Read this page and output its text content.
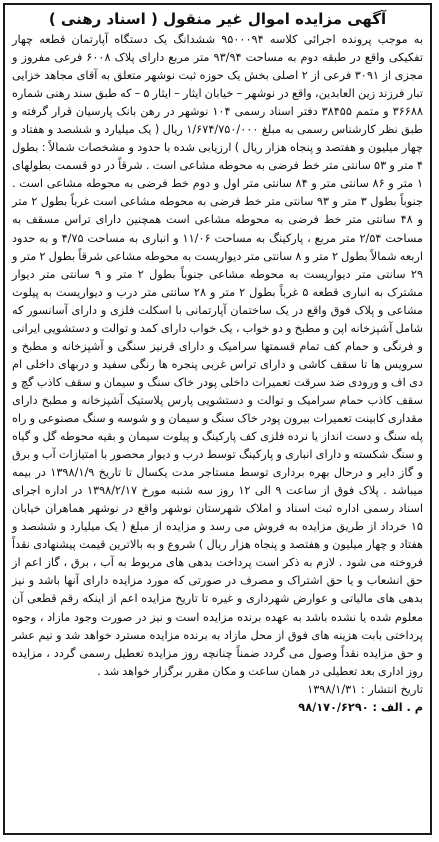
آگهی مزایده اموال غیر منقول ( اسناد رهنی )
به موجب پرونده اجرائی کلاسه ۹۵۰۰۰۹۴ ششدانگ یک دستگاه آپارتمان قطعه چهار تفکیکی واقع در طبقه دوم به مساحت ۹۳/۹۴ متر مربع دارای پلاک ۶۰۰۸ فرعی مفروز و مجزی از ۳۰۹۱ فرعی از ۲ اصلی بخش یک حوزه ثبت نوشهر متعلق به آقای مجاهد خزایی تبار فرزند زین العابدین، واقع در نوشهر – خیابان ایثار – ایثار ۵ – که طبق سند رهنی شماره ۳۶۶۸۸ و متمم ۳۸۴۵۵ دفتر اسناد رسمی ۱۰۴ نوشهر در رهن بانک پارسیان قرار گرفته و طبق نظر کارشناس رسمی به مبلغ ۱/۶۷۴/۷۵۰/۰۰۰ ریال ( یک میلیارد و ششصد و هفتاد و چهار میلیون و هفتصد و پنجاه هزار ریال ) ارزیابی شده با حدود و مشخصات شمالاً : بطول ۴ متر و ۵۳ سانتی متر خط فرضی به محوطه مشاعی است . شرقاً در دو قسمت بطولهای ۱ متر و ۸۶ سانتی متر و ۸۴ سانتی متر اول و دوم خط فرضی به محوطه مشاعی است . جنوباً بطول ۳ متر و ۹۳ سانتی متر خط فرضی به محوطه مشاعی است غرباً بطول ۲ متر و ۴۸ سانتی متر خط فرضی به محوطه مشاعی است همچنین دارای تراس مسقف به مساحت ۲/۵۴ متر مربع ، پارکینگ به مساحت ۱۱/۰۶ و انباری به مساحت ۴/۷۵ و به حدود اربعه شمالاً بطول ۲ متر و ۸ سانتی متر دیواریست به محوطه مشاعی شرقاً بطول ۲ متر و ۲۹ سانتی متر دیواریست به محوطه مشاعی جنوباً بطول ۲ متر و ۹ سانتی متر دیوار مشترک به انباری قطعه ۵ غرباً بطول ۲ متر و ۲۸ سانتی متر درب و دیواریست به پیلوت مشاعی و پلاک فوق واقع در یک ساختمان آپارتمانی با اسکلت فلزی و دارای آسانسور که شامل آشپزخانه اپن و مطبخ و دو خواب ، یک خواب دارای کمد و توالت و دستشویی ایرانی و فرنگی و حمام کف تمام قسمتها سرامیک و دارای قرنیز سنگی و آشپزخانه و مطبخ و سرویس ها تا سقف کاشی و دارای تراس غربی پنجره ها رنگی سفید و دربهای داخلی ام دی اف و ورودی ضد سرقت تعمیرات داخلی پودر خاک سنگ و سیمان و سقف کاذب گچ و سقف کاذب حمام سرامیک و توالت و دستشویی پارس پلاستیک آشپزخانه و مطبخ دارای مقداری کابینت تعمیرات بیرون پودر خاک سنگ و سیمان و و شوسه و سنگ مصنوعی و راه پله سنگ و دست انداز یا نرده فلزی کف پارکینگ و پیلوت سیمان و بقیه محوطه گل و گیاه و سنگ شکسته و دارای انباری و پارکینگ توسط درب و دیوار محصور با امتیازات آب و برق و گاز دایر و درحال بهره برداری توسط مستاجر مدت یکسال تا تاریخ ۱۳۹۸/۱/۹ در بیمه میباشد . پلاک فوق از ساعت ۹ الی ۱۲ روز سه شنبه مورخ ۱۳۹۸/۲/۱۷ در اداره اجرای اسناد رسمی اداره ثبت اسناد و املاک شهرستان نوشهر واقع در نوشهر هماهران خیابان ۱۵ خرداد از طریق مزایده به فروش می رسد و مزایده از مبلغ ( یک میلیارد و ششصد و هفتاد و چهار میلیون و هفتصد و پنجاه هزار ریال ) شروع و به بالاترین قیمت پیشنهادی نقداً فروخته می شود . لازم به ذکر است پرداخت بدهی های مربوط به آب ، برق ، گاز اعم از حق انشعاب و یا حق اشتراک و مصرف در صورتی که مورد مزایده دارای آنها باشد و نیز بدهی های مالیاتی و عوارض شهرداری و غیره تا تاریخ مزایده اعم از اینکه رقم قطعی آن معلوم شده یا نشده باشد به عهده برنده مزایده است و نیز در صورت وجود مازاد ، وجوه پرداختی بابت هزینه های فوق از محل مازاد به برنده مزایده مسترد خواهد شد و نیم عشر و حق مزایده نقداً وصول می گردد ضمناً چنانچه روز مزایده تعطیل رسمی گردد ، مزایده روز اداری بعد تعطیلی در همان ساعت و مکان مقرر برگزار خواهد شد .
تاریخ انتشار : ۱۳۹۸/۱/۳۱
م . الف : ۹۸/۱۷۰/۶۲۹۰
